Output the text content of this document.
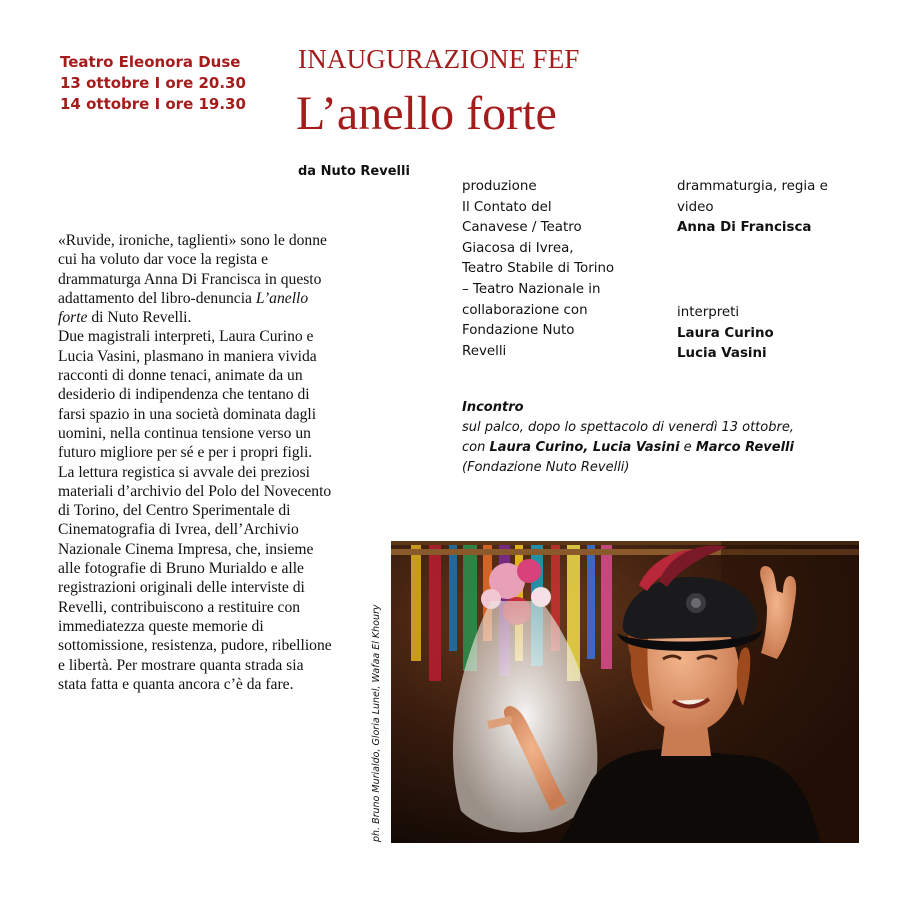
Teatro Eleonora Duse
13 ottobre I ore 20.30
14 ottobre I ore 19.30
INAUGURAZIONE FEF
L’anello forte
da Nuto Revelli

«Ruvide, ironiche, taglienti» sono le donne cui ha voluto dar voce la regista e drammaturga Anna Di Francisca in questo adattamento del libro-denuncia L’anello forte di Nuto Revelli.

Due magistrali interpreti, Laura Curino e Lucia Vasini, plasmano in maniera vivida racconti di donne tenaci, animate da un desiderio di indipendenza che tentano di farsi spazio in una società dominata dagli uomini, nella continua tensione verso un futuro migliore per sé e per i propri figli.

La lettura registica si avvale dei preziosi materiali d’archivio del Polo del Novecento di Torino, del Centro Sperimentale di Cinematografia di Ivrea, dell’Archivio Nazionale Cinema Impresa, che, insieme alle fotografie di Bruno Murialdo e alle registrazioni originali delle interviste di Revelli, contribuiscono a restituire con immediatezza queste memorie di sottomissione, resistenza, pudore, ribellione e libertà. Per mostrare quanta strada sia stata fatta e quanta ancora c’è da fare.

produzione
Il Contato del
Canavese / Teatro
Giacosa di Ivrea,
Teatro Stabile di Torino
– Teatro Nazionale in
collaborazione con
Fondazione Nuto
Revelli
drammaturgia, regia e
video
Anna Di Francisca
interpreti
Laura Curino
Lucia Vasini
Incontro
sul palco, dopo lo spettacolo di venerdì 13 ottobre,
con Laura Curino, Lucia Vasini e Marco Revelli
(Fondazione Nuto Revelli)
ph. Bruno Murialdo, Gloria Lunel, Wafaa El Khoury
